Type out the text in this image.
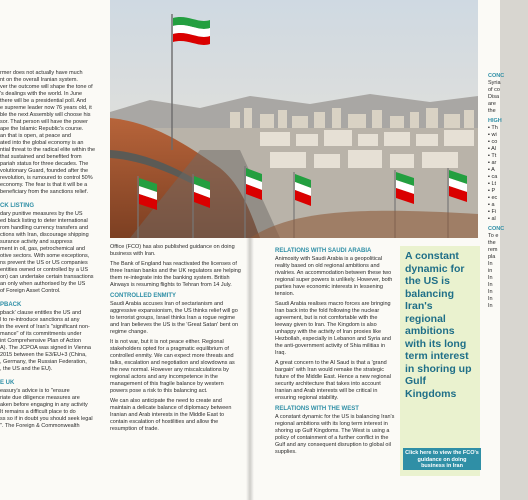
rmer does not actually have much
nt on the overall Iranian system.
ver the outcome will shape the tone of
's dealings with the world. In June
there will be a presidential poll. And
e supreme leader now 76 years old, it
ble the next Assembly will choose his
sor. That person will have the power
ape the Islamic Republic's course.
an that is open, at peace and
ated into the global economy is an
ntial threat to the radical elite within the
that sustained and benefited from
pariah status for three decades. The
volutionary Guard, founded after the
revolution, is rumoured to control 50%
economy. The fear is that it will be a
beneficiary from the sanctions relief.
CK LISTING
dary punitive measures by the US
ed black listing to deter international
rom handling currency transfers and
ctions with Iran, discourage shipping
surance activity and suppress
ment in oil, gas, petrochemical and
otive sectors. With some exceptions,
ns prevent the US or US companies
entities owned or controlled by a US
on) can undertake certain transactions
an only when authorised by the US
of Foreign Asset Control.
PBACK
pback' clause entitles the US and
l to re-introduce sanctions at any
in the event of Iran's "significant non-
mance" of its commitments under
int Comprehensive Plan of Action
A). The JCPOA was signed in Vienna
2015 between the E3/EU+3 (China,
, Germany, the Russian Federation,
, the US and the EU).
E UK
easury's advice is to "ensure
riate due diligence measures are
aken before engaging in any activity
It remains a difficult place to do
ss so if in doubt you should seek legal
". The Foreign & Commonwealth

Office (FCO) has also published guidance on doing business with Iran.

The Bank of England has reactivated the licenses of three Iranian banks and the UK regulators are helping them re-integrate into the banking system. British Airways is resuming flights to Tehran from 14 July.

CONTROLLED ENMITY

Saudi Arabia accuses Iran of sectarianism and aggressive expansionism, the US thinks relief will go to terrorist groups, Israel thinks Iran a rogue regime and Iran believes the US is the 'Great Satan' bent on regime change.

It is not war, but it is not peace either. Regional stakeholders opted for a pragmatic equilibrium of controlled enmity. We can expect more threats and talks, escalation and negotiation and slowdowns as the new normal. However any miscalculations by regional actors and any incompetence in the management of this fragile balance by western powers pose a risk to this balancing act.

We can also anticipate the need to create and maintain a delicate balance of diplomacy between Iranian and Arab interests in the Middle East to contain escalation of hostilities and allow the resumption of trade.

RELATIONS WITH SAUDI ARABIA

Animosity with Saudi Arabia is a geopolitical reality based on old regional ambitions and rivalries. An accommodation between these two regional super powers is unlikely. However, both parties have economic interests in lessening tension.

Saudi Arabia realises macro forces are bringing Iran back into the fold following the nuclear agreement, but is not comfortable with the leeway given to Iran. The Kingdom is also unhappy with the activity of Iran proxies like Hezbollah, especially in Lebanon and Syria and the anti-government activity of Shia militias in Iraq.

A great concern to the Al Saud is that a 'grand bargain' with Iran would remake the strategic future of the Middle East. Hence a new regional security architecture that takes into account Iranian and Arab interests will be critical in ensuring regional stability.

RELATIONS WITH THE WEST

A constant dynamic for the US is balancing Iran's regional ambitions with its long term interest in shoring up Gulf Kingdoms. The West is using a policy of containment of a further conflict in the Gulf and any consequent disruption to global oil supplies.

A constant dynamic for the US is balancing Iran's regional ambitions with its long term interest in shoring up Gulf Kingdoms
Click here to view the FCO's guidance on doing business in Iran
CONC
Syria
of co
Disa
are
the
HIGH
▪ Th
▪ wi
▪ co
▪ Al
▪ Tt
▪ ar
▪ A
▪ ca
▪ Lt
▪ P
▪ ec
▪ a
▪ Fi
▪ al
CONC
To e
the
rem
pla
In
in
In
In
In
In
In
